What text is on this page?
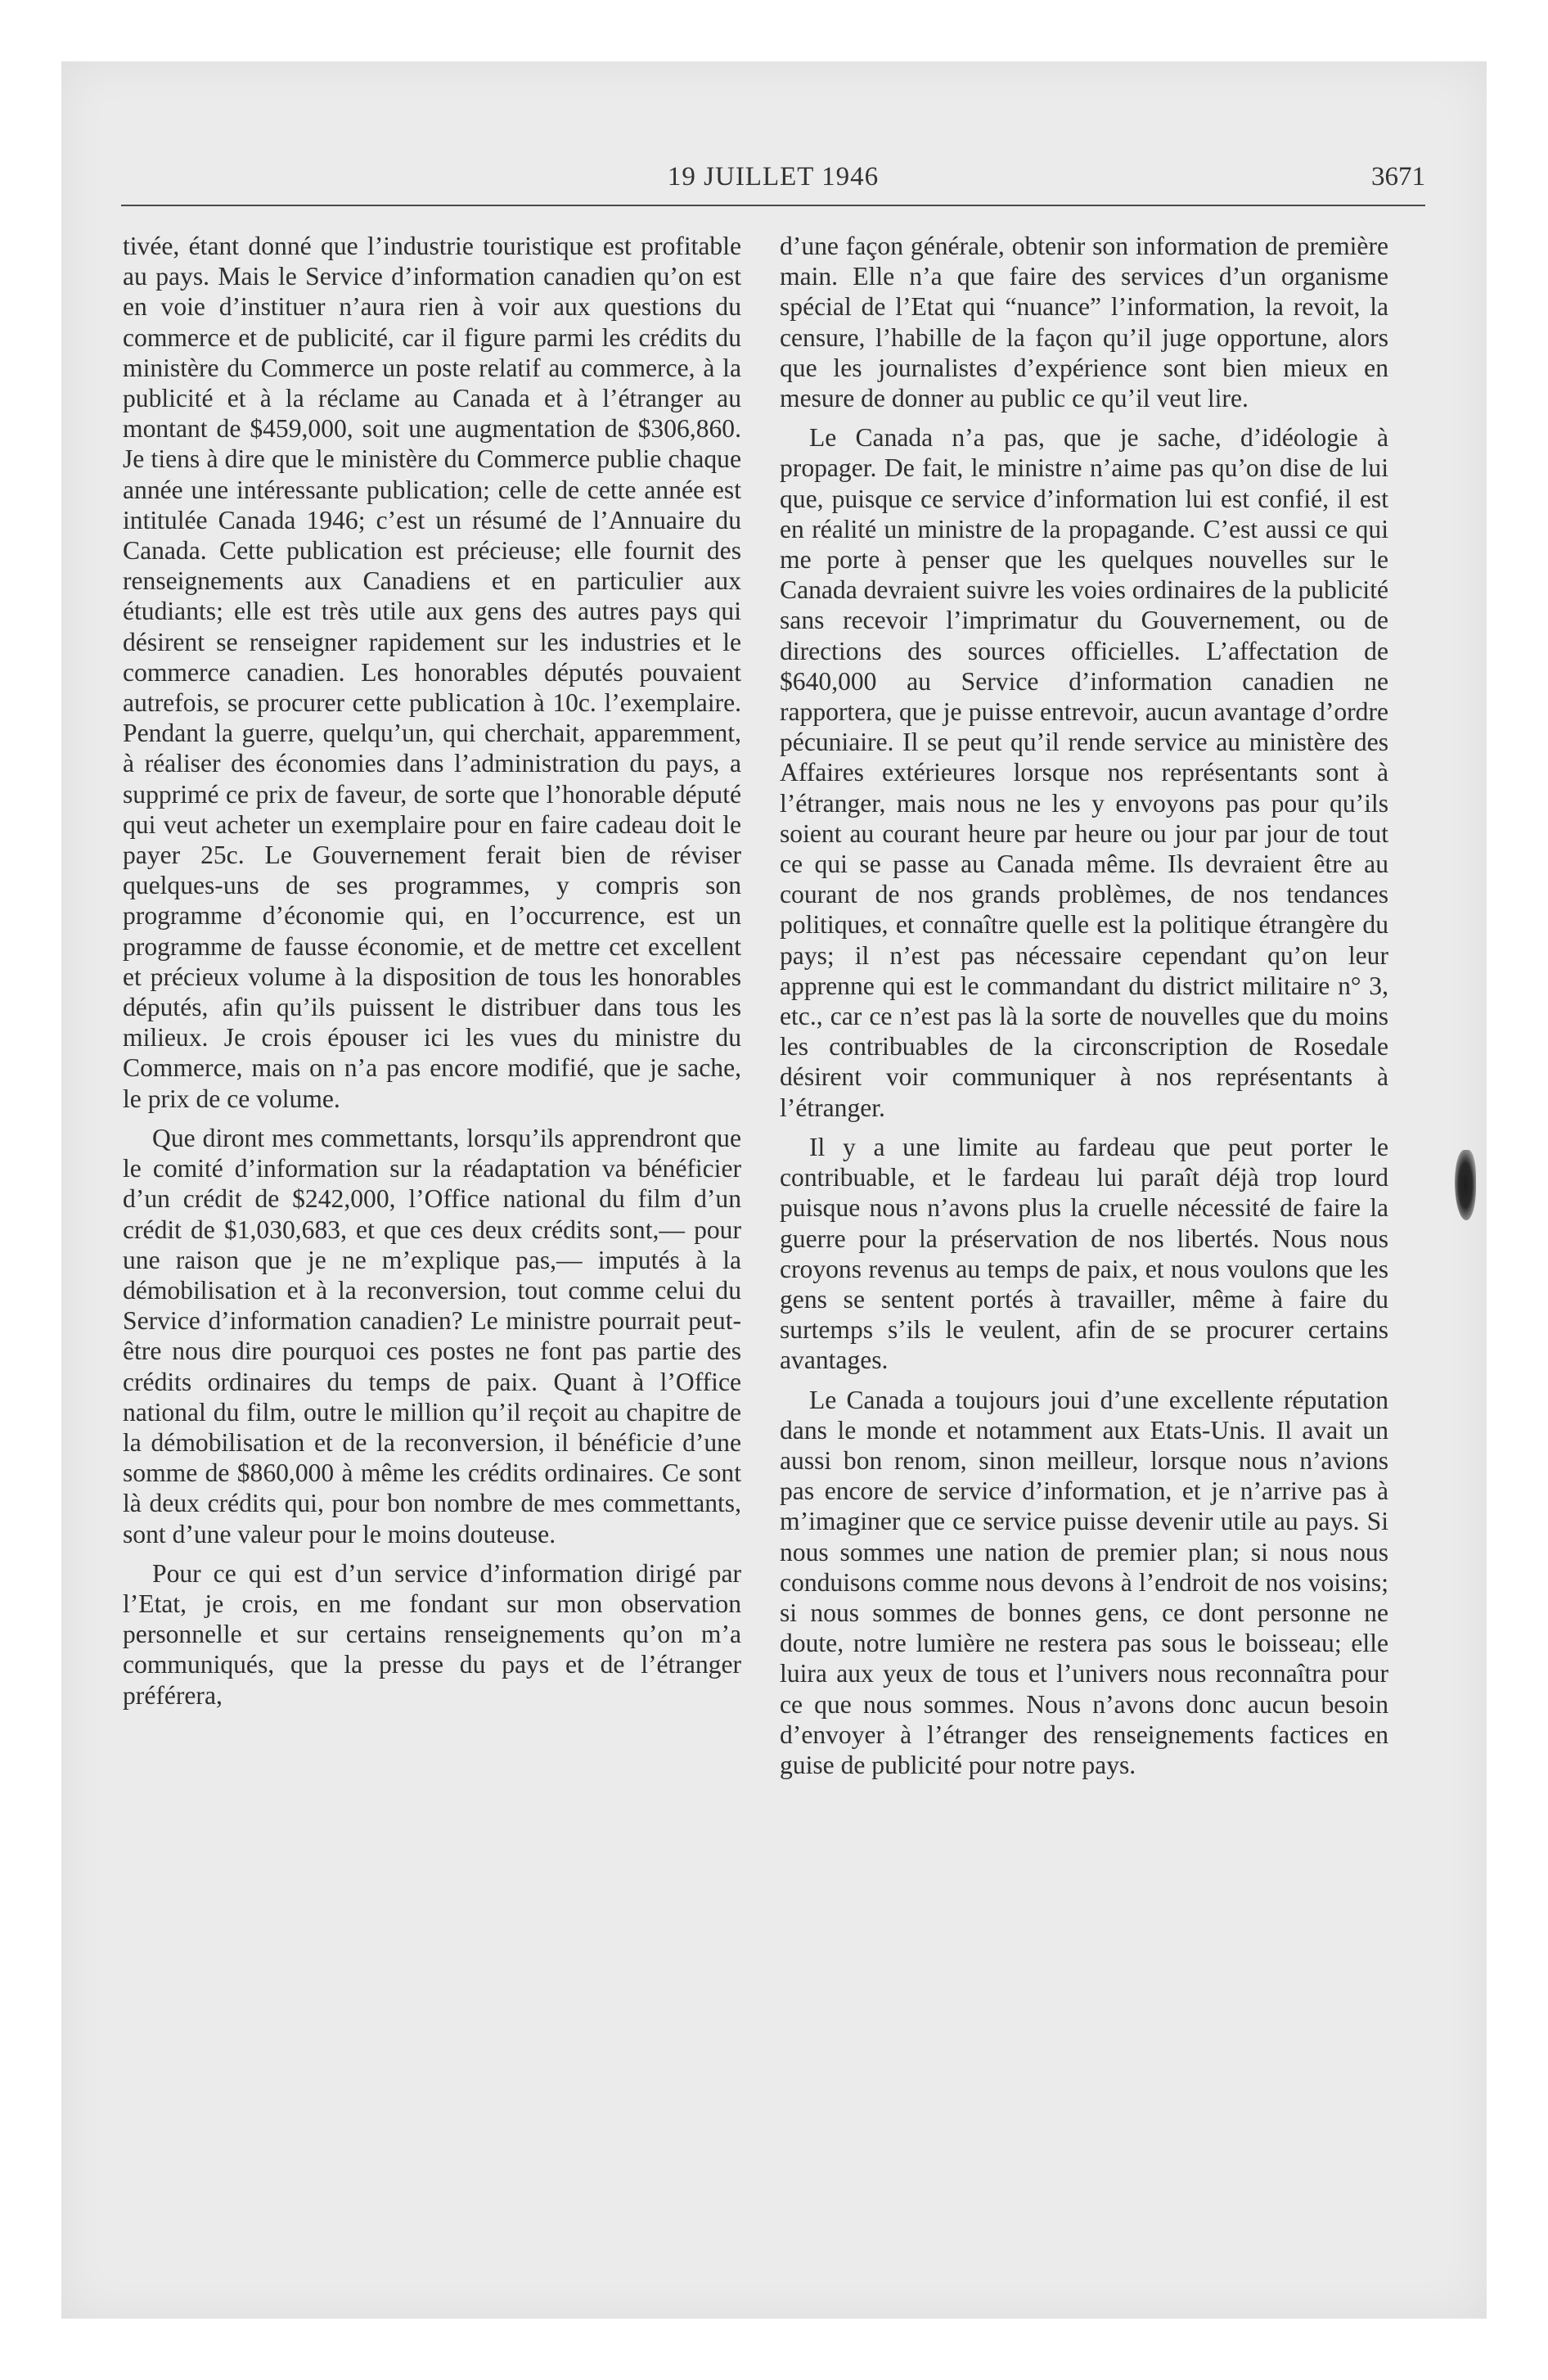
19 JUILLET 1946	3671

tivée, étant donné que l’industrie touristique est profitable au pays. Mais le Service d’information canadien qu’on est en voie d’instituer n’aura rien à voir aux questions du commerce et de publicité, car il figure parmi les crédits du ministère du Commerce un poste relatif au commerce, à la publicité et à la réclame au Canada et à l’étranger au montant de $459,000, soit une augmentation de $306,860. Je tiens à dire que le ministère du Commerce publie chaque année une intéressante publication; celle de cette année est intitulée Canada 1946; c’est un résumé de l’Annuaire du Canada. Cette publication est précieuse; elle fournit des renseignements aux Canadiens et en particulier aux étudiants; elle est très utile aux gens des autres pays qui désirent se renseigner rapidement sur les industries et le commerce canadien. Les honorables députés pouvaient autrefois, se procurer cette publication à 10c. l’exemplaire. Pendant la guerre, quelqu’un, qui cherchait, apparemment, à réaliser des économies dans l’administration du pays, a supprimé ce prix de faveur, de sorte que l’honorable député qui veut acheter un exemplaire pour en faire cadeau doit le payer 25c. Le Gouvernement ferait bien de réviser quelques-uns de ses programmes, y compris son programme d’économie qui, en l’occurrence, est un programme de fausse économie, et de mettre cet excellent et précieux volume à la disposition de tous les honorables députés, afin qu’ils puissent le distribuer dans tous les milieux. Je crois épouser ici les vues du ministre du Commerce, mais on n’a pas encore modifié, que je sache, le prix de ce volume.

Que diront mes commettants, lorsqu’ils apprendront que le comité d’information sur la réadaptation va bénéficier d’un crédit de $242,000, l’Office national du film d’un crédit de $1,030,683, et que ces deux crédits sont,— pour une raison que je ne m’explique pas,— imputés à la démobilisation et à la reconversion, tout comme celui du Service d’information canadien? Le ministre pourrait peut-être nous dire pourquoi ces postes ne font pas partie des crédits ordinaires du temps de paix. Quant à l’Office national du film, outre le million qu’il reçoit au chapitre de la démobilisation et de la reconversion, il bénéficie d’une somme de $860,000 à même les crédits ordinaires. Ce sont là deux crédits qui, pour bon nombre de mes commettants, sont d’une valeur pour le moins douteuse.

Pour ce qui est d’un service d’information dirigé par l’Etat, je crois, en me fondant sur mon observation personnelle et sur certains renseignements qu’on m’a communiqués, que la presse du pays et de l’étranger préférera,

d’une façon générale, obtenir son information de première main. Elle n’a que faire des services d’un organisme spécial de l’Etat qui “nuance” l’information, la revoit, la censure, l’habille de la façon qu’il juge opportune, alors que les journalistes d’expérience sont bien mieux en mesure de donner au public ce qu’il veut lire.

Le Canada n’a pas, que je sache, d’idéologie à propager. De fait, le ministre n’aime pas qu’on dise de lui que, puisque ce service d’information lui est confié, il est en réalité un ministre de la propagande. C’est aussi ce qui me porte à penser que les quelques nouvelles sur le Canada devraient suivre les voies ordinaires de la publicité sans recevoir l’imprimatur du Gouvernement, ou de directions des sources officielles. L’affectation de $640,000 au Service d’information canadien ne rapportera, que je puisse entrevoir, aucun avantage d’ordre pécuniaire. Il se peut qu’il rende service au ministère des Affaires extérieures lorsque nos représentants sont à l’étranger, mais nous ne les y envoyons pas pour qu’ils soient au courant heure par heure ou jour par jour de tout ce qui se passe au Canada même. Ils devraient être au courant de nos grands problèmes, de nos tendances politiques, et connaître quelle est la politique étrangère du pays; il n’est pas nécessaire cependant qu’on leur apprenne qui est le commandant du district militaire n° 3, etc., car ce n’est pas là la sorte de nouvelles que du moins les contribuables de la circonscription de Rosedale désirent voir communiquer à nos représentants à l’étranger.

Il y a une limite au fardeau que peut porter le contribuable, et le fardeau lui paraît déjà trop lourd puisque nous n’avons plus la cruelle nécessité de faire la guerre pour la préservation de nos libertés. Nous nous croyons revenus au temps de paix, et nous voulons que les gens se sentent portés à travailler, même à faire du surtemps s’ils le veulent, afin de se procurer certains avantages.

Le Canada a toujours joui d’une excellente réputation dans le monde et notamment aux Etats-Unis. Il avait un aussi bon renom, sinon meilleur, lorsque nous n’avions pas encore de service d’information, et je n’arrive pas à m’imaginer que ce service puisse devenir utile au pays. Si nous sommes une nation de premier plan; si nous nous conduisons comme nous devons à l’endroit de nos voisins; si nous sommes de bonnes gens, ce dont personne ne doute, notre lumière ne restera pas sous le boisseau; elle luira aux yeux de tous et l’univers nous reconnaîtra pour ce que nous sommes. Nous n’avons donc aucun besoin d’envoyer à l’étranger des renseignements factices en guise de publicité pour notre pays.
